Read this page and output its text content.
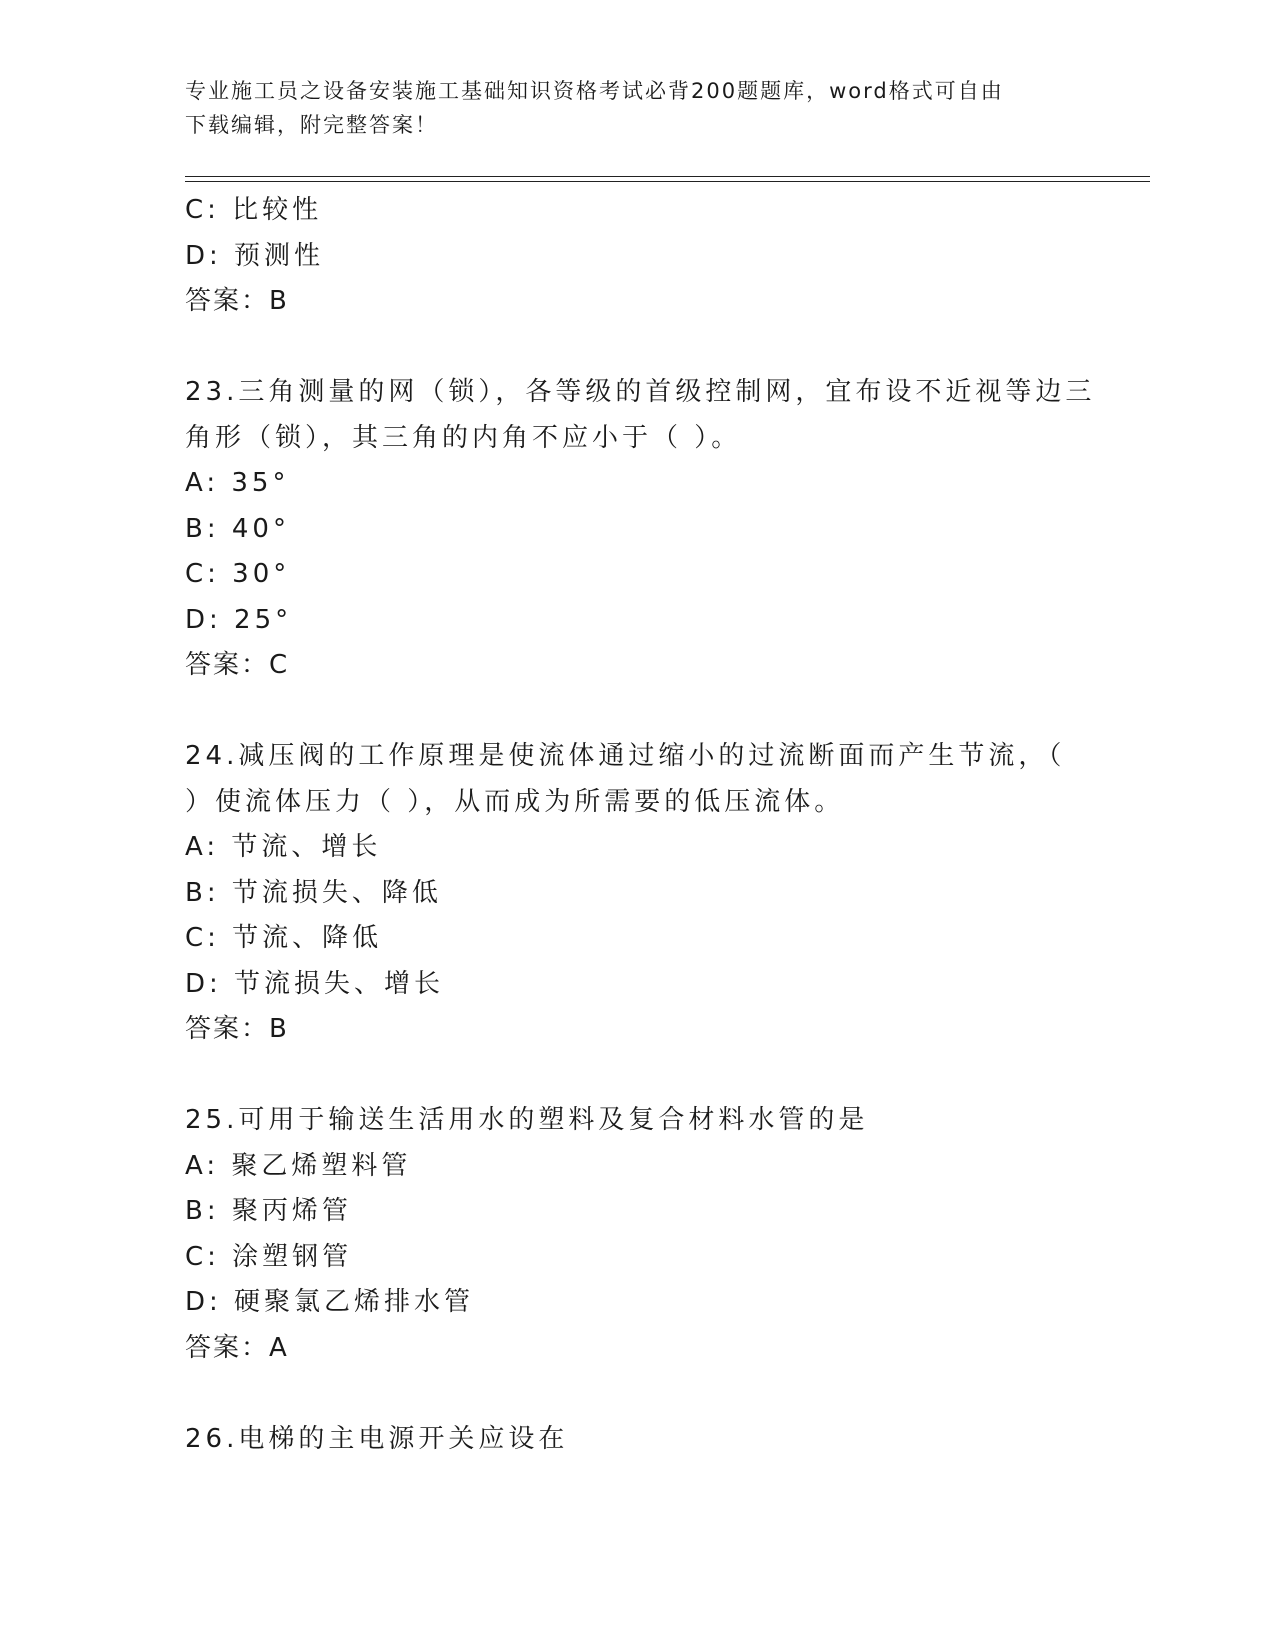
专业施工员之设备安装施工基础知识资格考试必背200题题库，word格式可自由
下载编辑，附完整答案！
C: 比较性
D: 预测性
答案：B
23.三角测量的网（锁），各等级的首级控制网，宜布设不近视等边三
角形（锁），其三角的内角不应小于（ ）。
A: 35°
B: 40°
C: 30°
D: 25°
答案：C
24.减压阀的工作原理是使流体通过缩小的过流断面而产生节流，（
）使流体压力（ ），从而成为所需要的低压流体。
A: 节流、增长
B: 节流损失、降低
C: 节流、降低
D: 节流损失、增长
答案：B
25.可用于输送生活用水的塑料及复合材料水管的是
A: 聚乙烯塑料管
B: 聚丙烯管
C: 涂塑钢管
D: 硬聚氯乙烯排水管
答案：A
26.电梯的主电源开关应设在
